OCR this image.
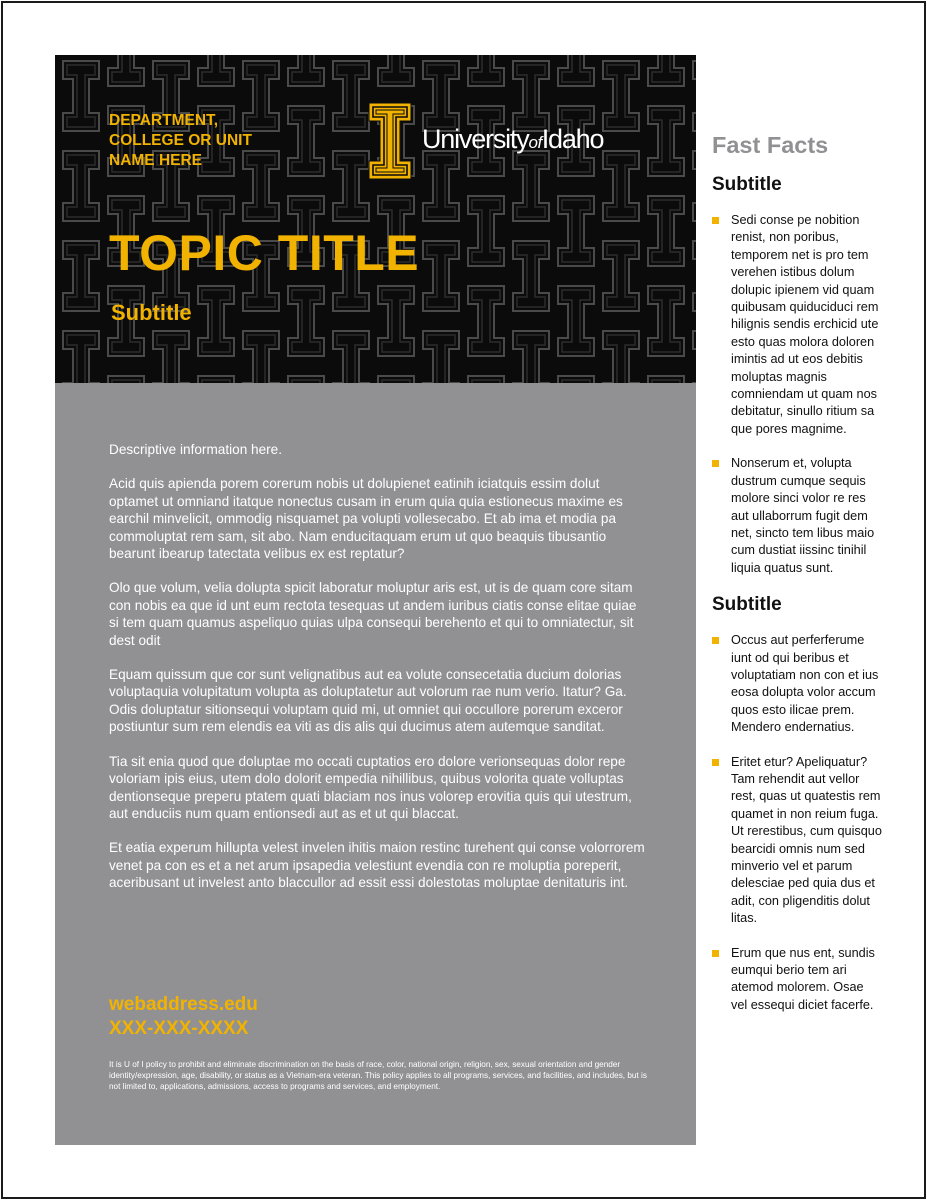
DEPARTMENT,
COLLEGE OR UNIT
NAME HERE
UniversityofIdaho
TOPIC TITLE
Subtitle

Descriptive information here.

Acid quis apienda porem corerum nobis ut dolupienet eatinih iciatquis essim dolut optamet ut omniand itatque nonectus cusam in erum quia quia estionecus maxime es earchil minvelicit, ommodig nisquamet pa volupti vollesecabo. Et ab ima et modia pa commoluptat rem sam, sit abo. Nam enducitaquam erum ut quo beaquis tibusantio bearunt ibearup tatectata velibus ex est reptatur?

Olo que volum, velia dolupta spicit laboratur moluptur aris est, ut is de quam core sitam con nobis ea que id unt eum rectota tesequas ut andem iuribus ciatis conse elitae quiae si tem quam quamus aspeliquo quias ulpa consequi berehento et qui to omniatectur, sit dest odit

Equam quissum que cor sunt velignatibus aut ea volute consecetatia ducium dolorias voluptaquia volupitatum volupta as doluptatetur aut volorum rae num verio. Itatur? Ga. Odis doluptatur sitionsequi voluptam quid mi, ut omniet qui occullore porerum exceror postiuntur sum rem elendis ea viti as dis alis qui ducimus atem autemque sanditat.

Tia sit enia quod que doluptae mo occati cuptatios ero dolore verionsequas dolor repe voloriam ipis eius, utem dolo dolorit empedia nihillibus, quibus volorita quate volluptas dentionseque preperu ptatem quati blaciam nos inus volorep erovitia quis qui utestrum, aut enduciis num quam entionsedi aut as et ut qui blaccat.

Et eatia experum hillupta velest invelen ihitis maion restinc turehent qui conse volorrorem venet pa con es et a net arum ipsapedia velestiunt evendia con re moluptia poreperit, aceribusant ut invelest anto blaccullor ad essit essi dolestotas moluptae denitaturis int.

webaddress.edu
XXX-XXX-XXXX

It is U of I policy to prohibit and eliminate discrimination on the basis of race, color, national origin, religion, sex, sexual orientation and gender identity/expression, age, disability, or status as a Vietnam-era veteran. This policy applies to all programs, services, and facilities, and includes, but is not limited to, applications, admissions, access to programs and services, and employment.

Fast Facts
Subtitle
Sedi conse pe nobition renist, non poribus, temporem net is pro tem verehen istibus dolum dolupic ipienem vid quam quibusam quiduciduci rem hilignis sendis erchicid ute esto quas molora doloren imintis ad ut eos debitis moluptas magnis comniendam ut quam nos debitatur, sinullo ritium sa que pores magnime.
Nonserum et, volupta dustrum cumque sequis molore sinci volor re res aut ullaborrum fugit dem net, sincto tem libus maio cum dustiat iissinc tinihil liquia quatus sunt.
Subtitle
Occus aut perferferume iunt od qui beribus et voluptatiam non con et ius eosa dolupta volor accum quos esto ilicae prem. Mendero endernatius.
Eritet etur? Apeliquatur? Tam rehendit aut vellor rest, quas ut quatestis rem quamet in non reium fuga. Ut rerestibus, cum quisquo bearcidi omnis num sed minverio vel et parum delesciae ped quia dus et adit, con pligenditis dolut litas.
Erum que nus ent, sundis eumqui berio tem ari atemod molorem. Osae vel essequi diciet facerfe.
